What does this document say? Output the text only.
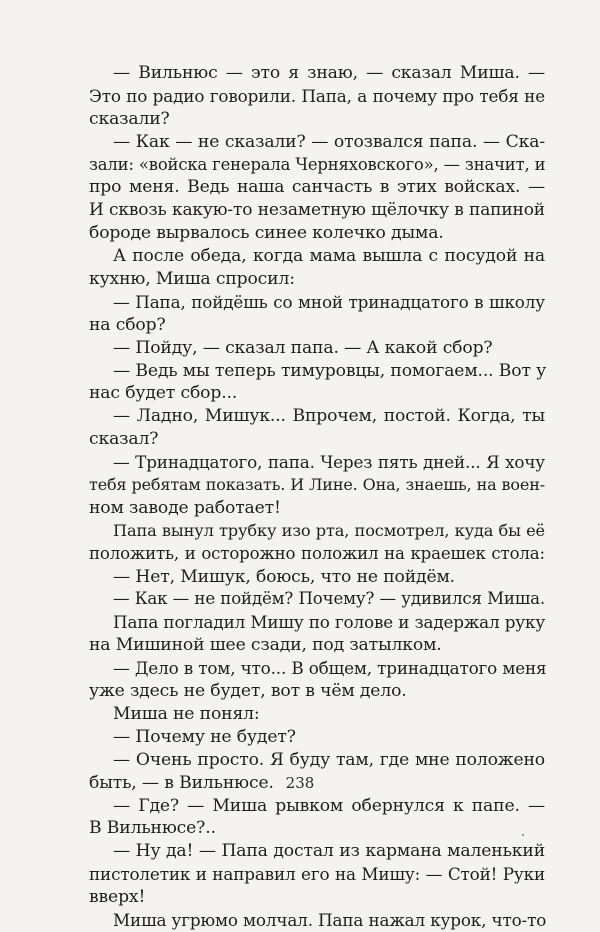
— Вильнюс — это я знаю, — сказал Миша. —
Это по радио говорили. Папа, а почему про тебя не
сказали?
— Как — не сказали? — отозвался папа. — Ска-
зали: «войска генерала Черняховского», — значит, и
про меня. Ведь наша санчасть в этих войсках. —
И сквозь какую-то незаметную щёлочку в папиной
бороде вырвалось синее колечко дыма.
А после обеда, когда мама вышла с посудой на
кухню, Миша спросил:
— Папа, пойдёшь со мной тринадцатого в школу
на сбор?
— Пойду, — сказал папа. — А какой сбор?
— Ведь мы теперь тимуровцы, помогаем... Вот у
нас будет сбор...
— Ладно, Мишук... Впрочем, постой. Когда, ты
сказал?
— Тринадцатого, папа. Через пять дней... Я хочу
тебя ребятам показать. И Лине. Она, знаешь, на воен-
ном заводе работает!
Папа вынул трубку изо рта, посмотрел, куда бы её
положить, и осторожно положил на краешек стола:
— Нет, Мишук, боюсь, что не пойдём.
— Как — не пойдём? Почему? — удивился Миша.
Папа погладил Мишу по голове и задержал руку
на Мишиной шее сзади, под затылком.
— Дело в том, что... В общем, тринадцатого меня
уже здесь не будет, вот в чём дело.
Миша не понял:
— Почему не будет?
— Очень просто. Я буду там, где мне положено
быть, — в Вильнюсе.
— Где? — Миша рывком обернулся к папе. —
В Вильнюсе?..
— Ну да! — Папа достал из кармана маленький
пистолетик и направил его на Мишу: — Стой! Руки
вверх!
Миша угрюмо молчал. Папа нажал курок, что-то
238
